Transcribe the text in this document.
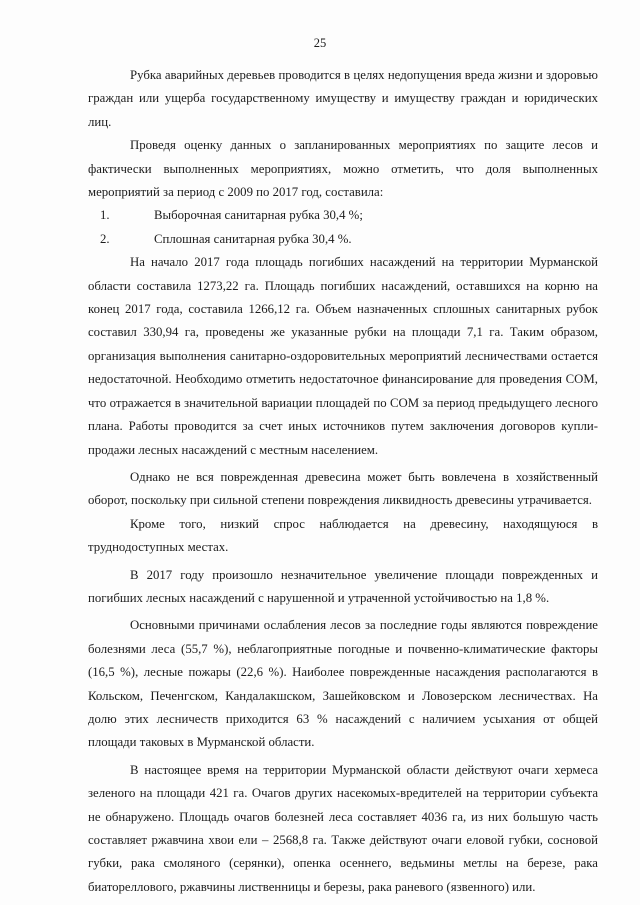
25

Рубка аварийных деревьев проводится в целях недопущения вреда жизни и здоровью граждан или ущерба государственному имуществу и имуществу граждан и юридических лиц.

Проведя оценку данных о запланированных мероприятиях по защите лесов и фактически выполненных мероприятиях, можно отметить, что доля выполненных мероприятий за период с 2009 по 2017 год, составила:

1.	Выборочная санитарная рубка 30,4 %;
2.	Сплошная санитарная рубка 30,4 %.

На начало 2017 года площадь погибших насаждений на территории Мурманской области составила 1273,22 га. Площадь погибших насаждений, оставшихся на корню на конец 2017 года, составила 1266,12 га. Объем назначенных сплошных санитарных рубок составил 330,94 га, проведены же указанные рубки на площади 7,1 га. Таким образом, организация выполнения санитарно-оздоровительных мероприятий лесничествами остается недостаточной. Необходимо отметить недостаточное финансирование для проведения СОМ, что отражается в значительной вариации площадей по СОМ за период предыдущего лесного плана. Работы проводится за счет иных источников путем заключения договоров купли-продажи лесных насаждений с местным населением.

Однако не вся поврежденная древесина может быть вовлечена в хозяйственный оборот, поскольку при сильной степени повреждения ликвидность древесины утрачивается.

Кроме того, низкий спрос наблюдается на древесину, находящуюся в труднодоступных местах.

В 2017 году произошло незначительное увеличение площади поврежденных и погибших лесных насаждений с нарушенной и утраченной устойчивостью на 1,8 %.

Основными причинами ослабления лесов за последние годы являются повреждение болезнями леса (55,7 %), неблагоприятные погодные и почвенно-климатические факторы (16,5 %), лесные пожары (22,6 %). Наиболее поврежденные насаждения располагаются в Кольском, Печенгском, Кандалакшском, Зашейковском и Ловозерском лесничествах. На долю этих лесничеств приходится 63 % насаждений с наличием усыхания от общей площади таковых в Мурманской области.

В настоящее время на территории Мурманской области действуют очаги хермеса зеленого на площади 421 га. Очагов других насекомых-вредителей на территории субъекта не обнаружено. Площадь очагов болезней леса составляет 4036 га, из них большую часть составляет ржавчина хвои ели – 2568,8 га. Также действуют очаги еловой губки, сосновой губки, рака смоляного (серянки), опенка осеннего, ведьмины метлы на березе, рака биатореллового, ржавчины лиственницы и березы, рака раневого (язвенного) или.
